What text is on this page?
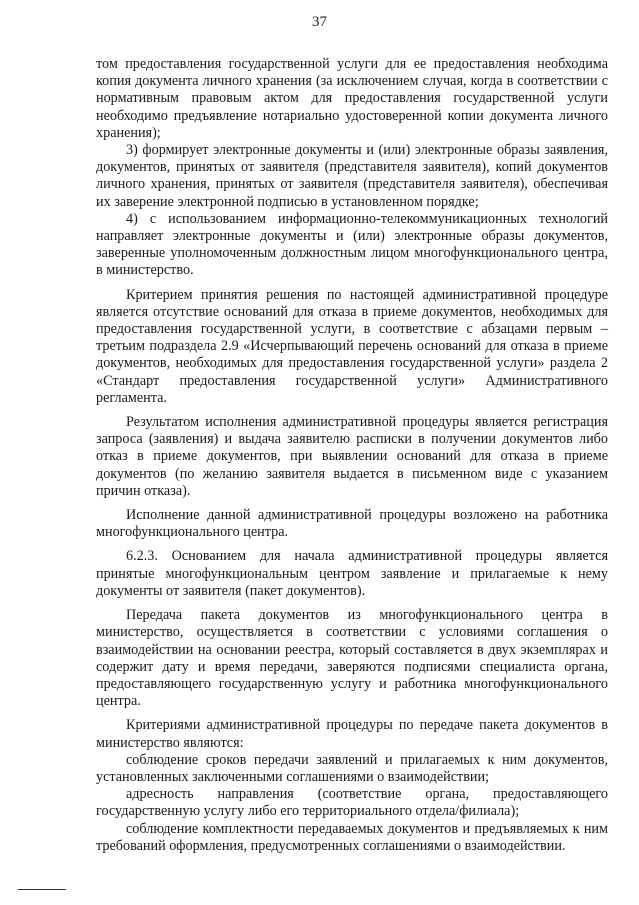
37

том предоставления государственной услуги для ее предоставления необходима копия документа личного хранения (за исключением случая, когда в соответствии с нормативным правовым актом для предоставления государственной услуги необходимо предъявление нотариально удостоверенной копии документа личного хранения);

3) формирует электронные документы и (или) электронные образы заявления, документов, принятых от заявителя (представителя заявителя), копий документов личного хранения, принятых от заявителя (представителя заявителя), обеспечивая их заверение электронной подписью в установленном порядке;

4) с использованием информационно-телекоммуникационных технологий направляет электронные документы и (или) электронные образы документов, заверенные уполномоченным должностным лицом многофункционального центра, в министерство.

Критерием принятия решения по настоящей административной процедуре является отсутствие оснований для отказа в приеме документов, необходимых для предоставления государственной услуги, в соответствие с абзацами первым – третьим подраздела 2.9 «Исчерпывающий перечень оснований для отказа в приеме документов, необходимых для предоставления государственной услуги» раздела 2 «Стандарт предоставления государственной услуги» Административного регламента.

Результатом исполнения административной процедуры является регистрация запроса (заявления) и выдача заявителю расписки в получении документов либо отказ в приеме документов, при выявлении оснований для отказа в приеме документов (по желанию заявителя выдается в письменном виде с указанием причин отказа).

Исполнение данной административной процедуры возложено на работника многофункционального центра.

6.2.3. Основанием для начала административной процедуры является принятые многофункциональным центром заявление и прилагаемые к нему документы от заявителя (пакет документов).

Передача пакета документов из многофункционального центра в министерство, осуществляется в соответствии с условиями соглашения о взаимодействии на основании реестра, который составляется в двух экземплярах и содержит дату и время передачи, заверяются подписями специалиста органа, предоставляющего государственную услугу и работника многофункционального центра.

Критериями административной процедуры по передаче пакета документов в министерство являются:

соблюдение сроков передачи заявлений и прилагаемых к ним документов, установленных заключенными соглашениями о взаимодействии;

адресность направления (соответствие органа, предоставляющего государственную услугу либо его территориального отдела/филиала);

соблюдение комплектности передаваемых документов и предъявляемых к ним требований оформления, предусмотренных соглашениями о взаимодействии.
